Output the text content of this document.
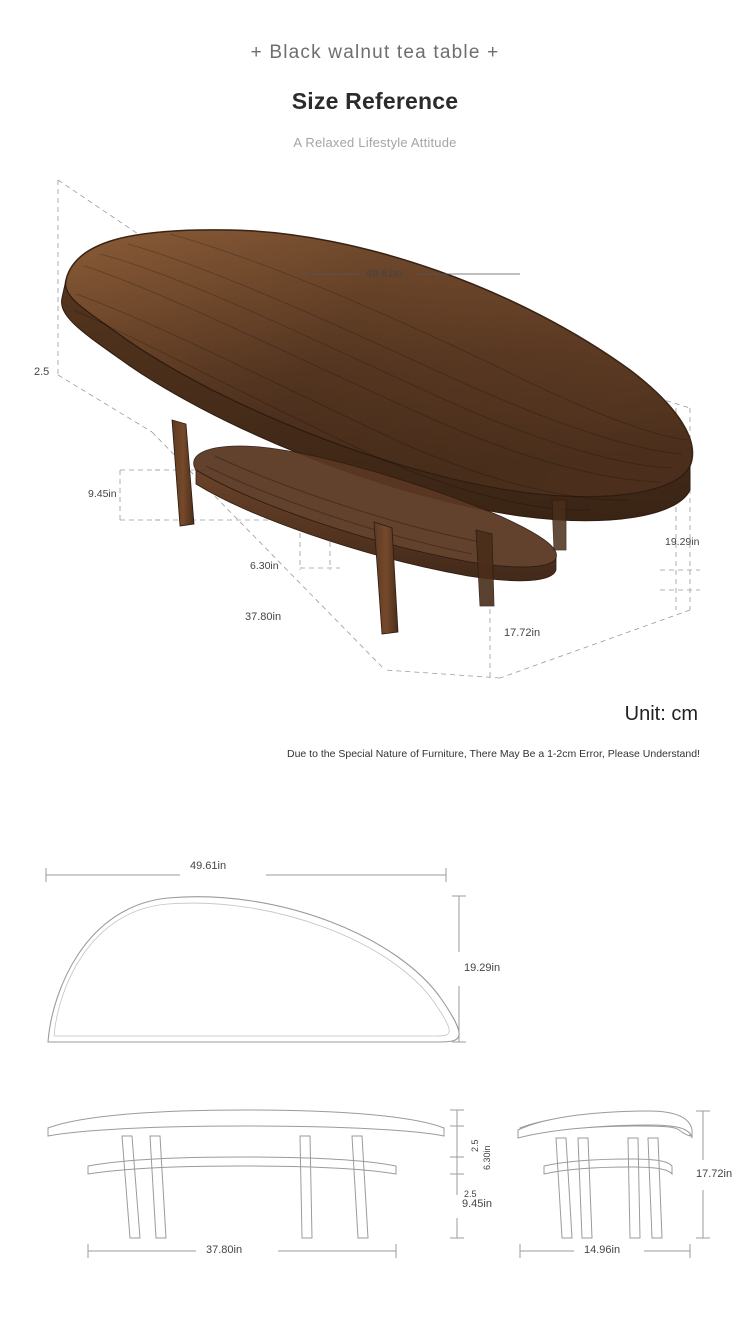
+ Black walnut tea table +
Size Reference
A Relaxed Lifestyle Attitude
49.61in
2.5
9.45in
6.30in
19.29in
37.80in
17.72in
Unit: cm
Due to the Special Nature of Furniture, There May Be a 1-2cm Error, Please Understand!
49.61in
19.29in
37.80in
2.5 6.30in
2.5
9.45in
14.96in
17.72in
